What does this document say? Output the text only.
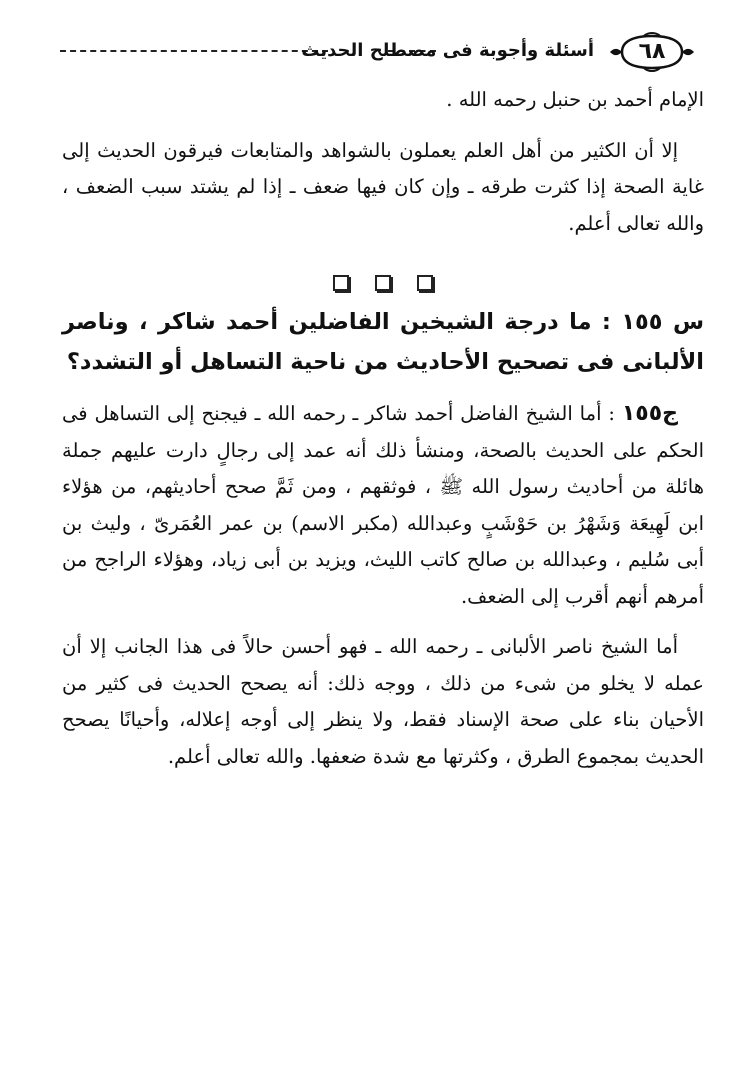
أسئلة وأجوبة فى مصطلح الحديث	٦٨

الإمام أحمد بن حنبل رحمه الله .

إلا أن الكثير من أهل العلم يعملون بالشواهد والمتابعات فيرقون الحديث إلى غاية الصحة إذا كثرت طرقه ـ وإن كان فيها ضعف ـ إذا لم يشتد سبب الضعف ، والله تعالى أعلم.

س ١٥٥ : ما درجة الشيخين الفاضلين أحمد شاكر ، وناصر الألبانى فى تصحيح الأحاديث من ناحية التساهل أو التشدد؟

ج١٥٥ : أما الشيخ الفاضل أحمد شاكر ـ رحمه الله ـ فيجنح إلى التساهل فى الحكم على الحديث بالصحة، ومنشأ ذلك أنه عمد إلى رجالٍ دارت عليهم جملة هائلة من أحاديث رسول الله ﷺ ، فوثقهم ، ومن ثَمَّ صحح أحاديثهم، من هؤلاء ابن لَهِيعَة وَشَهْرُ بن حَوْشَبٍ وعبدالله (مكبر الاسم) بن عمر العُمَرىّ ، وليث بن أبى سُليم ، وعبدالله بن صالح كاتب الليث، ويزيد بن أبى زياد، وهؤلاء الراجح من أمرهم أنهم أقرب إلى الضعف.

أما الشيخ ناصر الألبانى ـ رحمه الله ـ فهو أحسن حالاً فى هذا الجانب إلا أن عمله لا يخلو من شىء من ذلك ، ووجه ذلك: أنه يصحح الحديث فى كثير من الأحيان بناء على صحة الإسناد فقط، ولا ينظر إلى أوجه إعلاله، وأحيانًا يصحح الحديث بمجموع الطرق ، وكثرتها مع شدة ضعفها. والله تعالى أعلم.
